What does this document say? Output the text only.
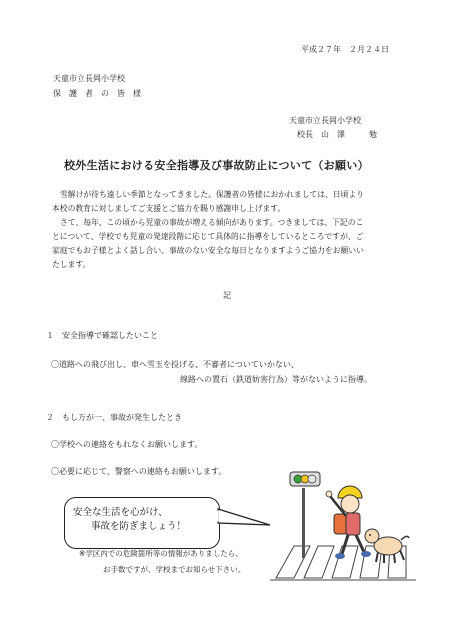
平成２７年　２月２４日
天童市立長岡小学校
保　護　者　の　皆　様
天童市立長岡小学校
校長　山　澤　　　勉
校外生活における安全指導及び事故防止について（お願い）

雪解けが待ち遠しい季節となってきました。保護者の皆様におかれましては、日頃より

本校の教育に対しましてご支援とご協力を賜り感謝申し上げます。

さて、毎年、この頃から児童の事故が増える傾向があります。つきましては、下記のこ

とについて、学校でも児童の発達段階に応じて具体的に指導をしているところですが、ご

家庭でもお子様とよく話し合い、事故のない安全な毎日となりますようご協力をお願いい

たします。

記
１　安全指導で確認したいこと
〇道路への飛び出し、車へ雪玉を投げる、不審者についていかない、
線路への置石（鉄道妨害行為）等がないように指導。
２　もし万が一、事故が発生したとき
〇学校への連絡をもれなくお願いします。
〇必要に応じて、警察への連絡もお願いします。
安全な生活を心がけ、
事故を防ぎましょう！
※学区内での危険箇所等の情報がありましたら、
お手数ですが、学校までお知らせ下さい。
